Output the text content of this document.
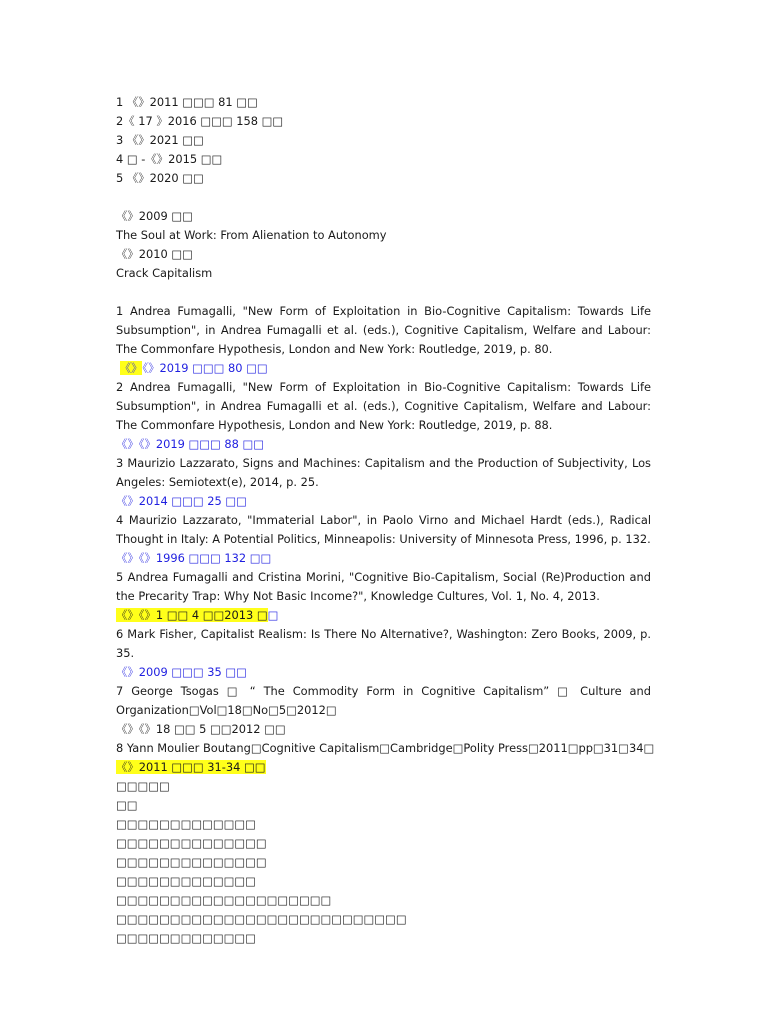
1 《》2011 □□□ 81 □□
2《 17 》2016 □□□ 158 □□
3 《》2021 □□
4 □ -《》2015 □□
5 《》2020 □□
《》2009 □□
The Soul at Work: From Alienation to Autonomy
《》2010 □□
Crack Capitalism
1 Andrea Fumagalli, "New Form of Exploitation in Bio-Cognitive Capitalism: Towards Life Subsumption", in Andrea Fumagalli et al. (eds.), Cognitive Capitalism, Welfare and Labour: The Commonfare Hypothesis, London and New York: Routledge, 2019, p. 80.
《》《》2019 □□□ 80 □□
2 Andrea Fumagalli, "New Form of Exploitation in Bio-Cognitive Capitalism: Towards Life Subsumption", in Andrea Fumagalli et al. (eds.), Cognitive Capitalism, Welfare and Labour: The Commonfare Hypothesis, London and New York: Routledge, 2019, p. 88.
《》《》2019 □□□ 88 □□
3 Maurizio Lazzarato, Signs and Machines: Capitalism and the Production of Subjectivity, Los Angeles: Semiotext(e), 2014, p. 25.
《》2014 □□□ 25 □□
4 Maurizio Lazzarato, "Immaterial Labor", in Paolo Virno and Michael Hardt (eds.), Radical Thought in Italy: A Potential Politics, Minneapolis: University of Minnesota Press, 1996, p. 132.
《》《》1996 □□□ 132 □□
5 Andrea Fumagalli and Cristina Morini, "Cognitive Bio-Capitalism, Social (Re)Production and the Precarity Trap: Why Not Basic Income?", Knowledge Cultures, Vol. 1, No. 4, 2013.
《》《》1 □□ 4 □□2013 □□
6 Mark Fisher, Capitalist Realism: Is There No Alternative?, Washington: Zero Books, 2009, p. 35.
《》2009 □□□ 35 □□
7 George Tsogas □ “ The Commodity Form in Cognitive Capitalism” □ Culture and Organization□Vol□18□No□5□2012□
《》《》18 □□ 5 □□2012 □□
8 Yann Moulier Boutang□Cognitive Capitalism□Cambridge□Polity Press□2011□pp□31□34□
《》2011 □□□ 31-34 □□
□□□□□
□□
□□□□□□□□□□□□□
□□□□□□□□□□□□□□
□□□□□□□□□□□□□□
□□□□□□□□□□□□□
□□□□□□□□□□□□□□□□□□□□
□□□□□□□□□□□□□□□□□□□□□□□□□□□
□□□□□□□□□□□□□
